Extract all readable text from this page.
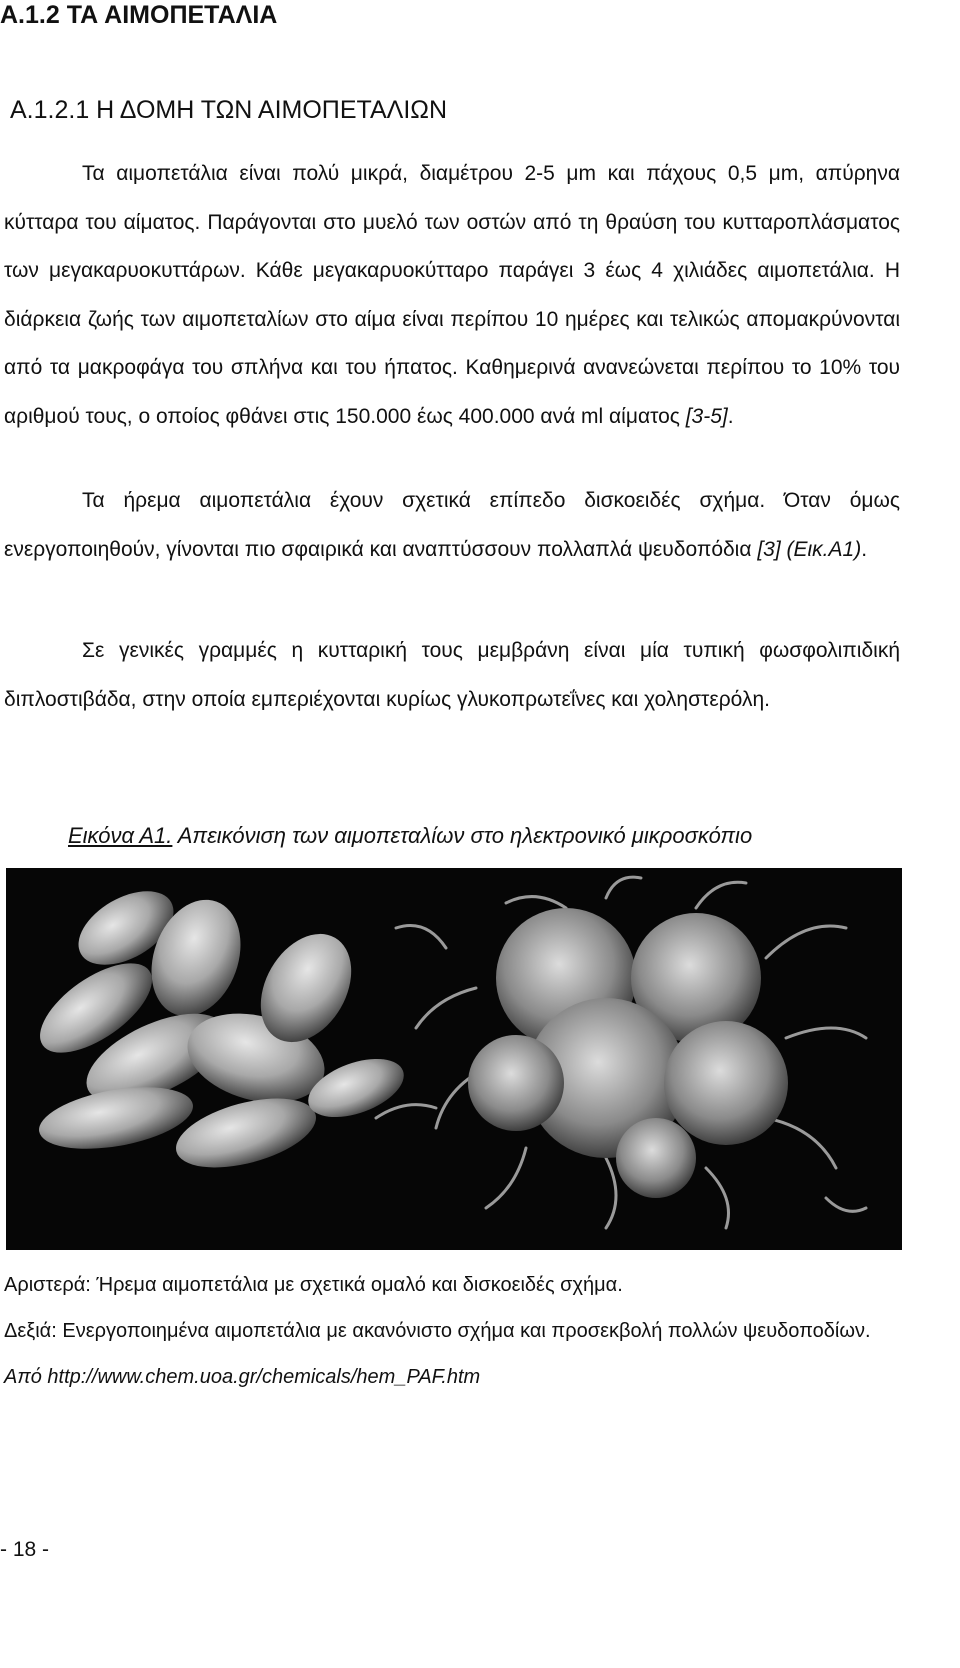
Α.1.2 ΤΑ ΑΙΜΟΠΕΤΑΛΙΑ
Α.1.2.1 Η ΔΟΜΗ ΤΩΝ ΑΙΜΟΠΕΤΑΛΙΩΝ

Τα αιμοπετάλια είναι πολύ μικρά, διαμέτρου 2-5 μm και πάχους 0,5 μm, απύρηνα κύτταρα του αίματος. Παράγονται στο μυελό των οστών από τη θραύση του κυτταροπλάσματος των μεγακαρυοκυττάρων. Κάθε μεγακαρυοκύτταρο παράγει 3 έως 4 χιλιάδες αιμοπετάλια. Η διάρκεια ζωής των αιμοπεταλίων στο αίμα είναι περίπου 10 ημέρες και τελικώς απομακρύνονται από τα μακροφάγα του σπλήνα και του ήπατος. Καθημερινά ανανεώνεται περίπου το 10% του αριθμού τους, ο οποίος φθάνει στις 150.000 έως 400.000 ανά ml αίματος [3-5].

Τα ήρεμα αιμοπετάλια έχουν σχετικά επίπεδο δισκοειδές σχήμα. Όταν όμως ενεργοποιηθούν, γίνονται πιο σφαιρικά και αναπτύσσουν πολλαπλά ψευδοπόδια [3] (Εικ.Α1).

Σε γενικές γραμμές η κυτταρική τους μεμβράνη είναι μία τυπική φωσφολιπιδική διπλοστιβάδα, στην οποία εμπεριέχονται κυρίως γλυκοπρωτεΐνες και χοληστερόλη.

Εικόνα Α1. Απεικόνιση των αιμοπεταλίων στο ηλεκτρονικό μικροσκόπιο
Αριστερά: Ήρεμα αιμοπετάλια με σχετικά ομαλό και δισκοειδές σχήμα.
Δεξιά: Ενεργοποιημένα αιμοπετάλια με ακανόνιστο σχήμα και προσεκβολή πολλών ψευδοποδίων.
Από http://www.chem.uoa.gr/chemicals/hem_PAF.htm
- 18 -
